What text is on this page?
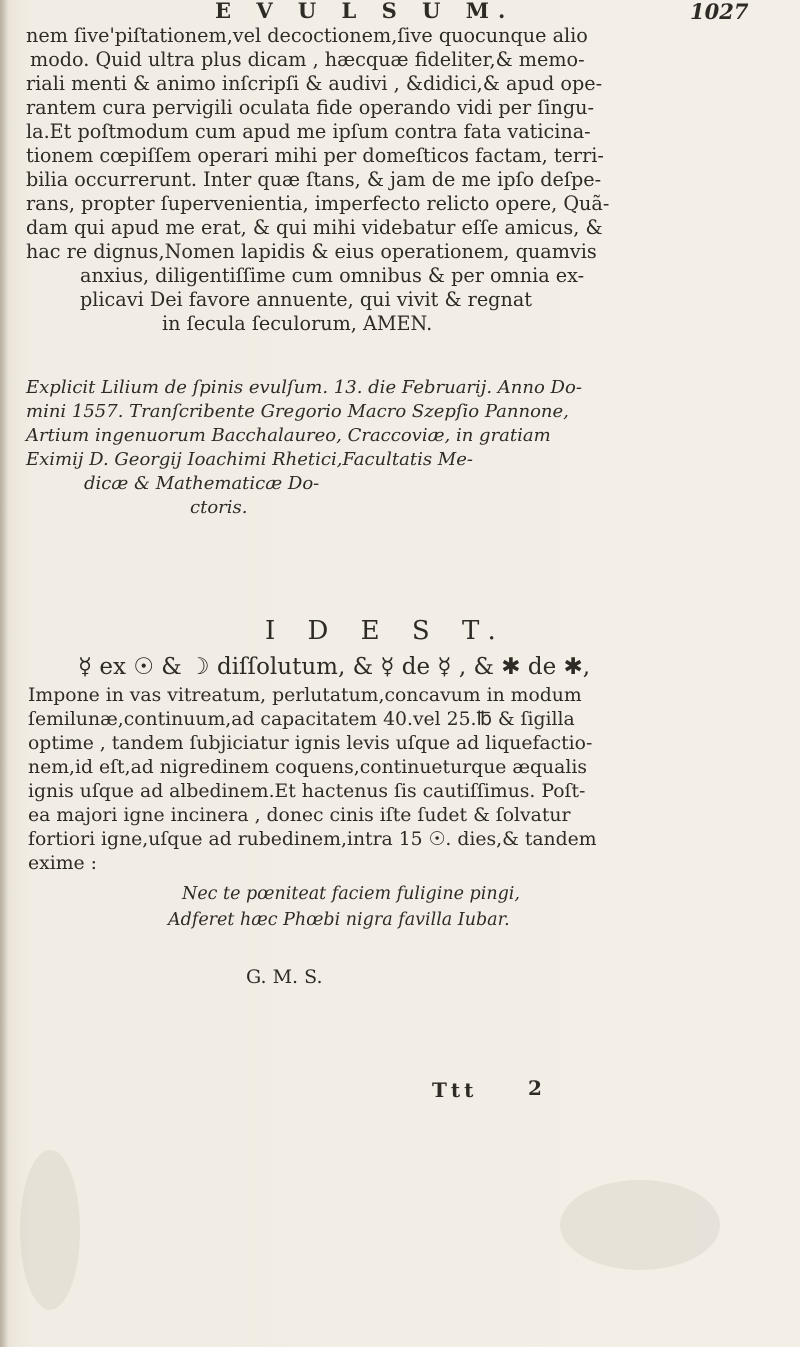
E V U L S U M.	1027
nem ſive'piſtationem,vel decoctionem,ſive quocunque alio
modo. Quid ultra plus dicam , hæcquæ fideliter,& memo-
riali menti & animo inſcripſi & audivi , &didici,& apud ope-
rantem cura pervigili oculata fide operando vidi per ſingu-
la.Et poſtmodum cum apud me ipſum contra fata vaticina-
tionem cœpiſſem operari mihi per domeſticos factam, terri-
bilia occurrerunt. Inter quæ ſtans, & jam de me ipſo deſpe-
rans, propter ſupervenientia, imperfecto relicto opere, Quã-
dam qui apud me erat, & qui mihi videbatur eſſe amicus, &
hac re dignus,Nomen lapidis & eius operationem, quamvis
anxius, diligentiſſime cum omnibus & per omnia ex-
plicavi Dei favore annuente, qui vivit & regnat
in ſecula ſeculorum, AMEN.
Explicit Lilium de ſpinis evulſum. 13. die Februarij. Anno Do-
mini 1557. Tranſcribente Gregorio Macro Szepſio Pannone,
Artium ingenuorum Bacchalaureo, Craccoviæ, in gratiam
Eximij D. Georgij Ioachimi Rhetici,Facultatis Me-
dicæ & Mathematicæ Do-
ctoris.
I D E S T.
☿ ex ☉ & ☽ diſſolutum, & ☿ de ☿ , & ✱ de ✱,
Impone in vas vitreatum, perlutatum,concavum in modum
ſemilunæ,continuum,ad capacitatem 40.vel 25.℔ & ſigilla
optime , tandem ſubjiciatur ignis levis uſque ad liquefactio-
nem,id eſt,ad nigredinem coquens,continueturque æqualis
ignis uſque ad albedinem.Et hactenus ſis cautiſſimus. Poſt-
ea majori igne incinera , donec cinis iſte ſudet & ſolvatur
fortiori igne,uſque ad rubedinem,intra 15 ☉. dies,& tandem
exime :
Nec te pœniteat faciem fuligine pingi,
Adferet hæc Phœbi nigra favilla Iubar.
G. M. S.
Ttt	2
